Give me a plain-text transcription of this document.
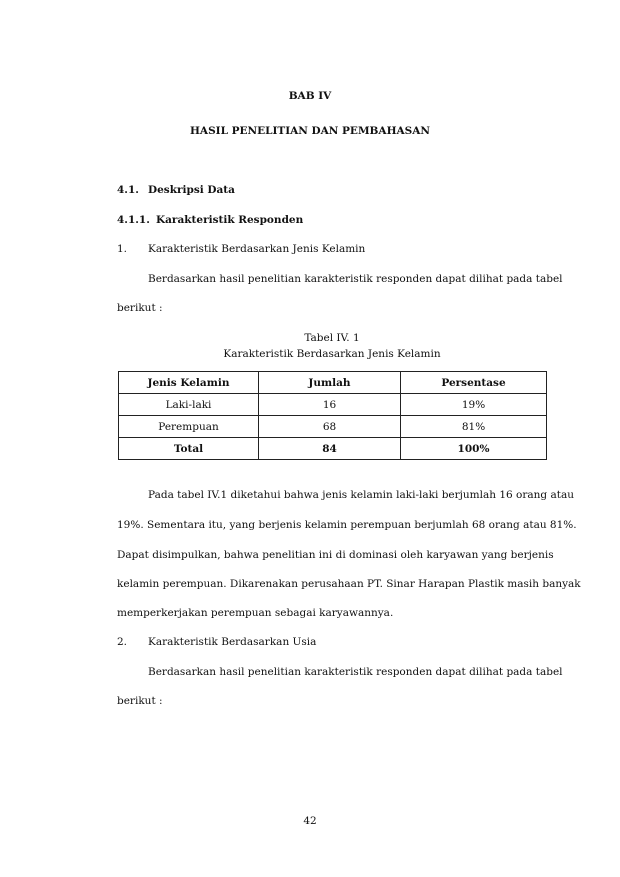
BAB IV
HASIL PENELITIAN DAN PEMBAHASAN
4.1. Deskripsi Data
4.1.1. Karakteristik Responden
1. Karakteristik Berdasarkan Jenis Kelamin
Berdasarkan hasil penelitian karakteristik responden dapat dilihat pada tabel
berikut :
Tabel IV. 1
Karakteristik Berdasarkan Jenis Kelamin
Jenis Kelamin	Jumlah	Persentase
Laki-laki	16	19%
Perempuan	68	81%
Total	84	100%
Pada tabel IV.1 diketahui bahwa jenis kelamin laki-laki berjumlah 16 orang atau
19%. Sementara itu, yang berjenis kelamin perempuan berjumlah 68 orang atau 81%.
Dapat disimpulkan, bahwa penelitian ini di dominasi oleh karyawan yang berjenis
kelamin perempuan. Dikarenakan perusahaan PT. Sinar Harapan Plastik masih banyak
memperkerjakan perempuan sebagai karyawannya.
2. Karakteristik Berdasarkan Usia
Berdasarkan hasil penelitian karakteristik responden dapat dilihat pada tabel
berikut :
42
